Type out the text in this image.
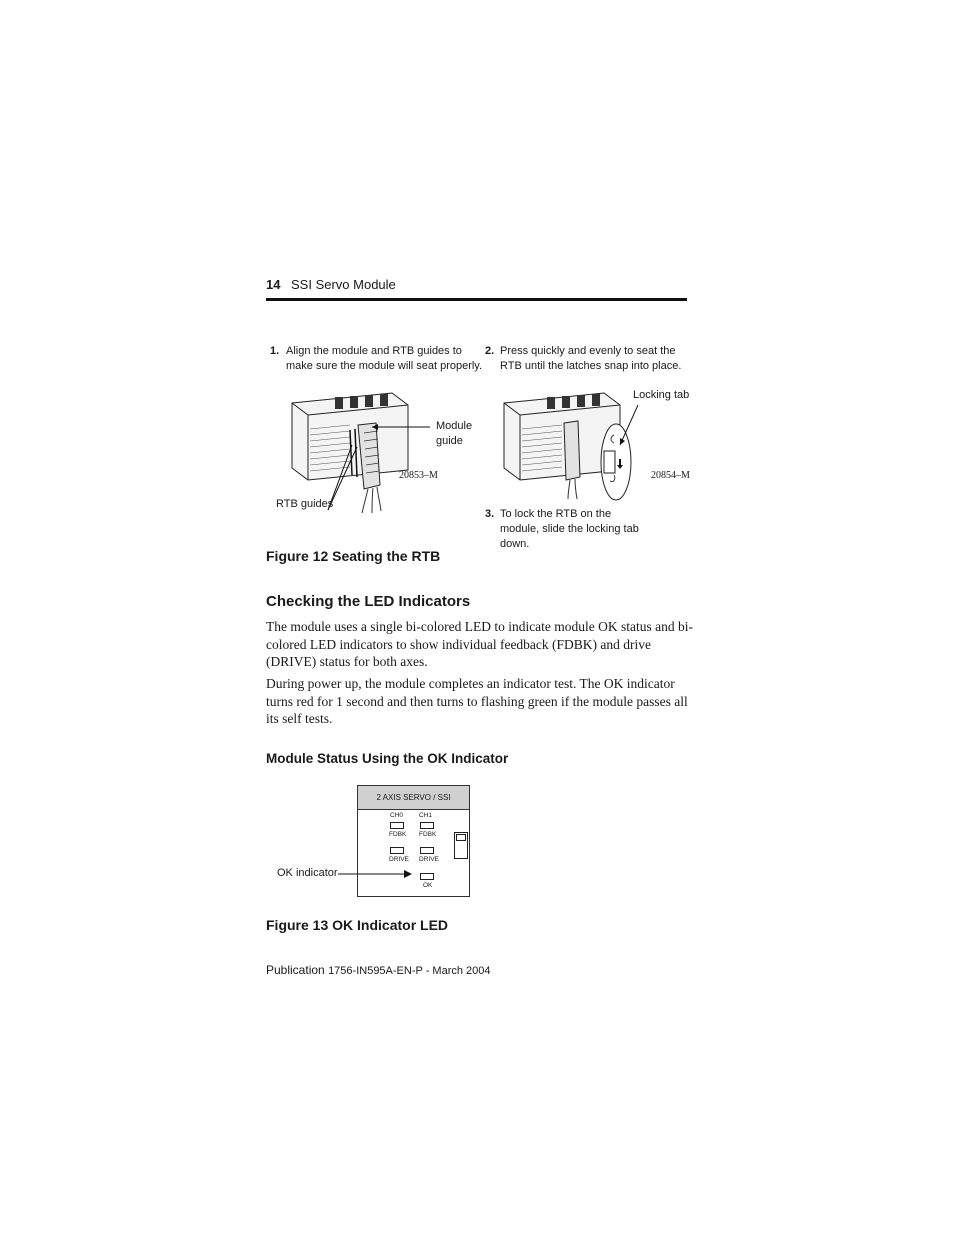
14 SSI Servo Module
1. Align the module and RTB guides to make sure the module will seat properly.
2. Press quickly and evenly to seat the RTB until the latches snap into place.
20853–M
Module guide
RTB guides
20854–M
Locking tab
3. To lock the RTB on the module, slide the locking tab down.
Figure 12 Seating the RTB
Checking the LED Indicators
The module uses a single bi-colored LED to indicate module OK status and bi-colored LED indicators to show individual feedback (FDBK) and drive (DRIVE) status for both axes.
During power up, the module completes an indicator test. The OK indicator turns red for 1 second and then turns to flashing green if the module passes all its self tests.
Module Status Using the OK Indicator
2 AXIS SERVO / SSI
CH0 CH1
FDBK FDBK
DRIVE DRIVE
OK
OK indicator
Figure 13 OK Indicator LED
Publication 1756-IN595A-EN-P - March 2004
